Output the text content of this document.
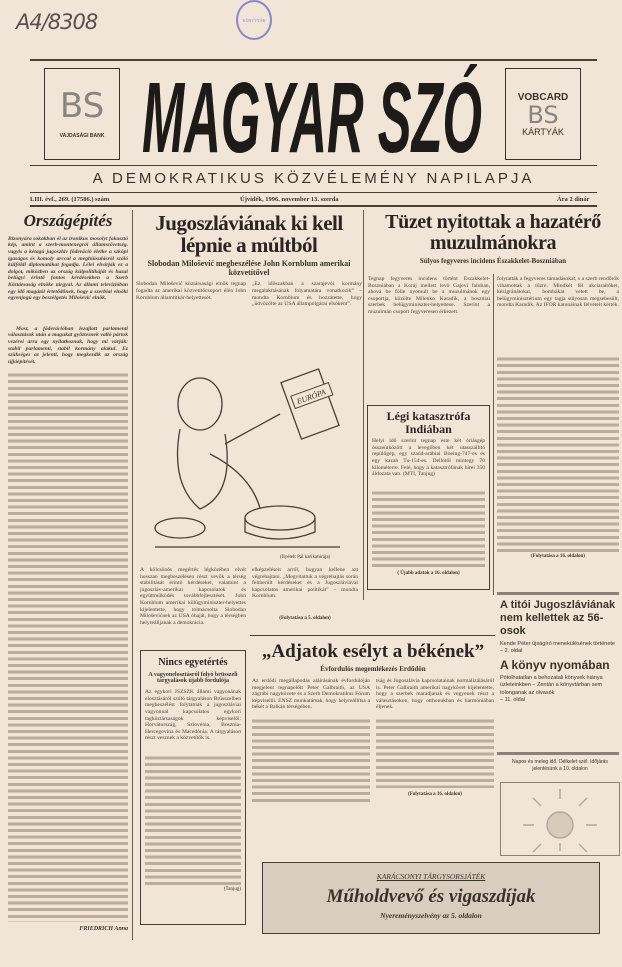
A4/8308	KÖNYVTÁR
BS
VAJDASÁGI BANK MAGYAR SZÓ	VOBCARD
BS
KÁRTYÁK
A DEMOKRATIKUS KÖZVÉLEMÉNY NAPILAPJA
LIII. évf., 269. (17586.) szám	Újvidék, 1996. november 13. szerda	Ára 2 dinár
Országépítés
Bizonyára sokakban él az ironikus mosolyt fakasztó kép, amint a szerb-montenegrói államszövetség, vagyis a kétagú jugoszláv föderáció élelke a szkópi igaságos és komoly arccal a meghiúsulásról szóló külföldi diplomatákat fogadja. Lélei elvárják ez a dolgot, miközben az ország külpolitikáját és hazai belügyi érintő fontos kérdésekben a Szerb Köztársaság elnöke tárgyal. Az állami televízióban egy idő magától értetődőnek, hogy a szerbiai elnöki egyenjogú egy beszélgetés Milošević elnök.
Most, a föderációban lezajlott parlamenti választások után a magukat győztesnek valló pártok vezérei arra egy nyilatkoznak, hogy mi várják: stabil parlamenti, stabil kormány alakul. Ez szükséges az jelenti, hogy megkezdik az ország újjáépítését.
FRIEDRICH Anna
Jugoszláviának ki kell lépnie a múltból
Slobodan Milošević megbeszélése John Kornblum amerikai közvetítővel
Slobodan Milošević köztársasági elnök tegnap fogadta az amerikai közvetítőcsoport élén John Kornblum államtitkár-helyettesét.
„Ez időszakban a szarajevói kormány megalakításának folyamatára vonatkozik” – mondta Kornblum és hozzátette, hogy „üdvözölte az USA állampolgárai elsőként”.
EURÓPA
(Ilyételt Pál karikatúrája)
A kölcsönös megértés légkörében elvét hosszan megbeszélésen részt vevők a térség stabilitását érintő kérdéseket, valamint a jugoszláv-amerikai kapcsolatok és együttműködés továbbfejlesztését. John Kornblum amerikai külügyminiszter-helyettes kijelentette, hogy tolmácsolta Slobodan Miloševićnek az USA óhaját, hogy a térségben helyreálljanak a demokrácia.
elképzeléseit arról, hogyan kellene azt végrehajtani. „Megvitattuk a végrehajtás során felmerült kérdéseket és a Jugoszláviával kapcsolatos amerikai politikát” – mondta Kornblum.
(Folytatása a 5. oldalon)
Tüzet nyitottak a hazatérő muzulmánokra
Súlyos fegyveres incidens Északkelet-Boszniában
Tegnap fegyveres incidens történt Északkelet-Boszniában a Koraj mellett levő Gajevi faluban, ahova be fölle nyomult be a muzulmánok egy csoportja, közölte Milenko Karadik, a boszniai szerbek belügyminiszter-helyettese. Szerint a muzulmán csoport fegyveresen érkezett.
folytatták a fegyveres támadásokat, s a szerb rendőrök vihamottak a tűzre. Mindkét fél akciaraitőket, kézigránátokat, bombákat vetett be, a belügyminisztérium egy tagja súlyosan megsebesült, mondta Karadik. Az IFOR katonáinak felvételt kérték.
(Folytatása a 16. oldalon)
Légi katasztrófa Indiában
Helyi idő szerint tegnap este két óriásgép összeütközött a levegőben két utasszállító repülőgép, egy szaúd-arábiai Boeing-747-es és egy kazah Tu-154-es. Delhitől mintegy 70 kilométerre. Felé, hogy a katasztrófának hírei 350 áldozata van. (MTI, Tanjug)
( Újabb adatok a 16. oldalon)
Nincs egyetértés
A vagyonelosztásról folyó brüsszeli tárgyalások újabb fordulója
Az egykori JSZSZK állami vagyonának elosztásáról szóló tárgyaláson Brüsszelben megbeszélést folytatnak a jugoszláviai vagyonnal kapcsolatos egykori tagköztársaságok képviselői: Horvátország, Szlovénia, Bosznia-Hercegovina és Macedónia. A tárgyaláson részt vesznek a közvetítők is.
(Tanjug)
„Adjatok esélyt a békének”
Évfordulós megemlékezés Erdődön
Az erdődi megállapodás aláírásának évfordulóján megjelent tegnapelőtt Peter Galbraith, az USA zágrábi nagykövete és a Szerb Demokratikus Fórum képviselői. ENSZ munkatársak, hogy helyreállítsa a békét a Balkán térségében.
tság és Jugoszlávia kapcsolatainak normalizálásáról is. Peter Galbraith amerikai nagykövet kijelentette, hogy a szerbek maradjanak és vegyenek részt a választásokon, hogy otthonukban és harmóniában éljenek.
(Folytatása a 16. oldalon)
A titói Jugoszláviának nem kellettek az 56-osok
Kende Péter újságíró menekülésének története
– 2. oldal
A könyv nyomában
Pótolhatatlan a behozatali könyvek hiánya üzleteinkben – Zentán a könyvtárban sem tolonganak az olvasók
– 11. oldal
Napos és meleg idő. Délkelet szél. Időjárás jelentésünk a 10. oldalon
KARÁCSONYI TÁRGYSORSJÁTÉK
Műholdvevő és vigaszdíjak
Nyereményszelvény az 5. oldalon
